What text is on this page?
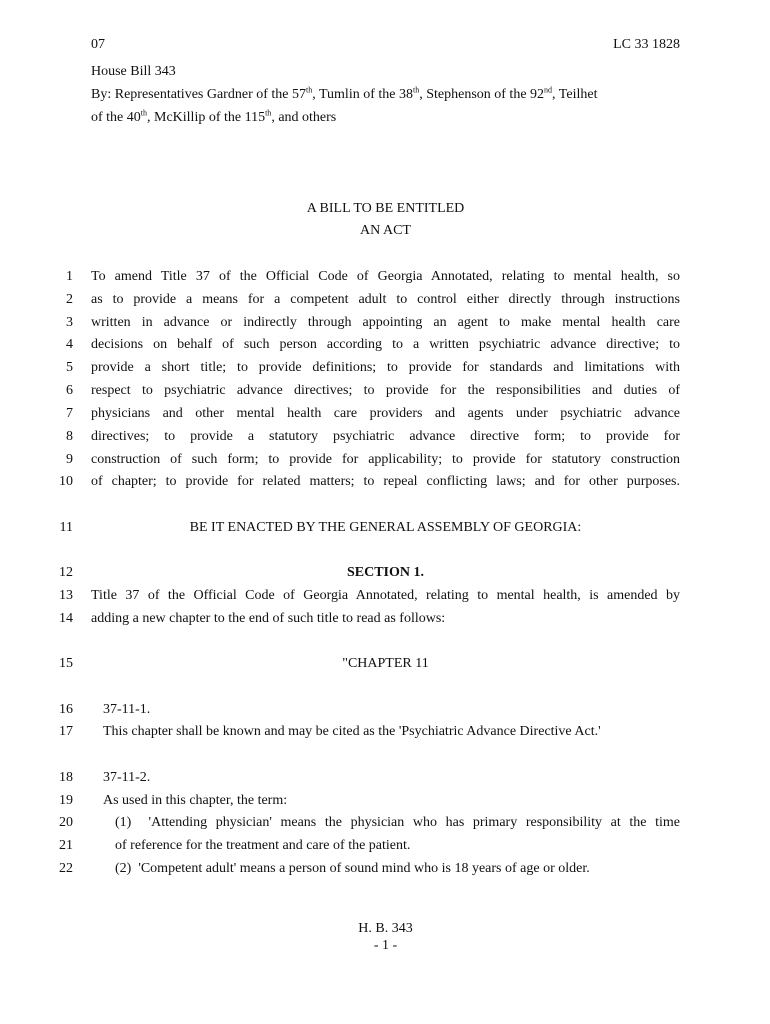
07	LC 33 1828
House Bill 343
By: Representatives Gardner of the 57th, Tumlin of the 38th, Stephenson of the 92nd, Teilhet
of the 40th, McKillip of the 115th, and others
A BILL TO BE ENTITLED
AN ACT
1
2
3
4
5
6
7
8
9
10
11
12
13
14
15
16
17
18
19
20
21
22
To amend Title 37 of the Official Code of Georgia Annotated, relating to mental health, so
as to provide a means for a competent adult to control either directly through instructions
written in advance or indirectly through appointing an agent to make mental health care
decisions on behalf of such person according to a written psychiatric advance directive; to
provide a short title; to provide definitions; to provide for standards and limitations with
respect to psychiatric advance directives; to provide for the responsibilities and duties of
physicians and other mental health care providers and agents under psychiatric advance
directives; to provide a statutory psychiatric advance directive form; to provide for
construction of such form; to provide for applicability; to provide for statutory construction
of chapter; to provide for related matters; to repeal conflicting laws; and for other purposes.
BE IT ENACTED BY THE GENERAL ASSEMBLY OF GEORGIA:
SECTION 1.
Title 37 of the Official Code of Georgia Annotated, relating to mental health, is amended by
adding a new chapter to the end of such title to read as follows:
"CHAPTER 11
37-11-1.
This chapter shall be known and may be cited as the 'Psychiatric Advance Directive Act.'
37-11-2.
As used in this chapter, the term:
(1)  'Attending physician' means the physician who has primary responsibility at the time
of reference for the treatment and care of the patient.
(2)  'Competent adult' means a person of sound mind who is 18 years of age or older.
H. B. 343
- 1 -
